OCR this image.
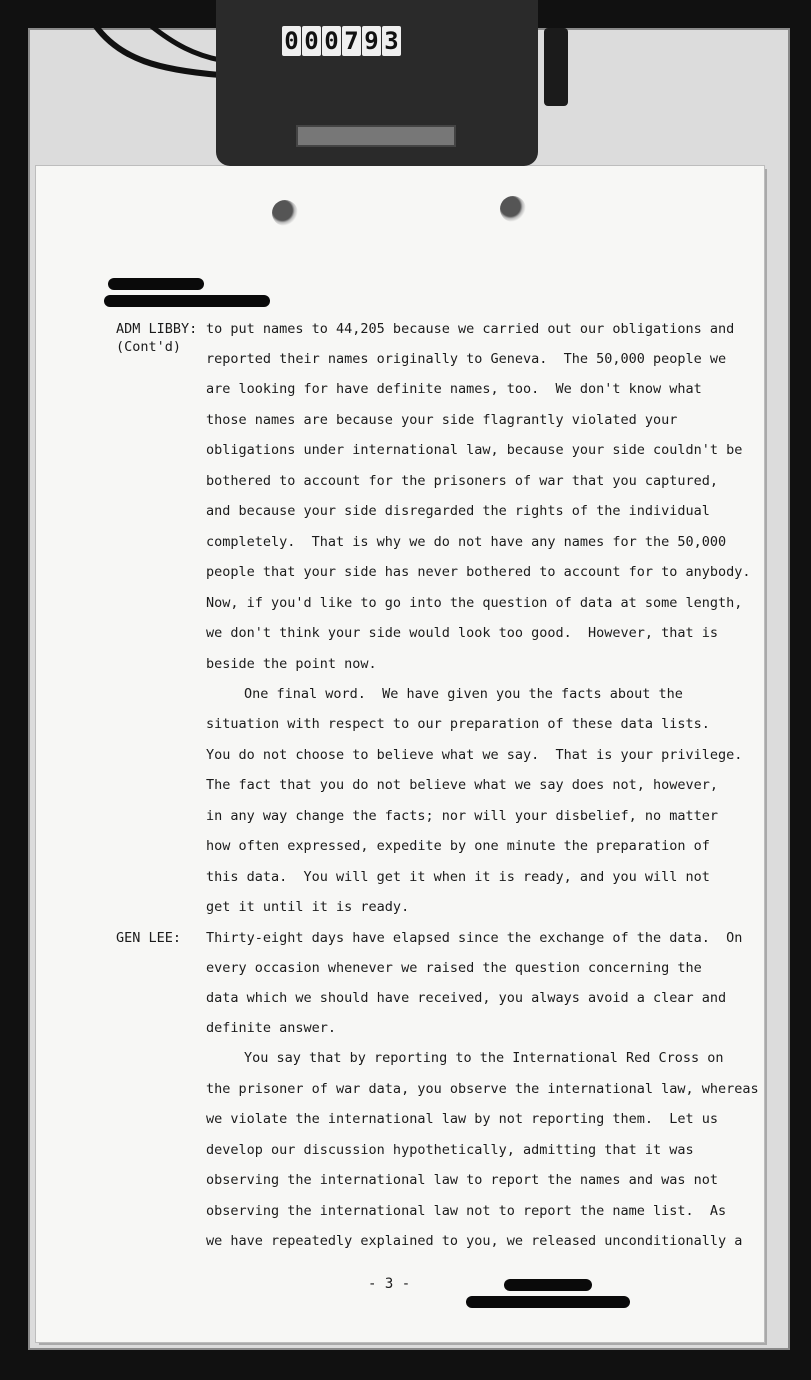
0 0 0 7 9 3
ADM LIBBY:
(Cont'd)
GEN LEE:

to put names to 44,205 because we carried out our obligations and

reported their names originally to Geneva.  The 50,000 people we

are looking for have definite names, too.  We don't know what

those names are because your side flagrantly violated your

obligations under international law, because your side couldn't be

bothered to account for the prisoners of war that you captured,

and because your side disregarded the rights of the individual

completely.  That is why we do not have any names for the 50,000

people that your side has never bothered to account for to anybody.

Now, if you'd like to go into the question of data at some length,

we don't think your side would look too good.  However, that is

beside the point now.

One final word.  We have given you the facts about the

situation with respect to our preparation of these data lists.

You do not choose to believe what we say.  That is your privilege.

The fact that you do not believe what we say does not, however,

in any way change the facts; nor will your disbelief, no matter

how often expressed, expedite by one minute the preparation of

this data.  You will get it when it is ready, and you will not

get it until it is ready.

Thirty-eight days have elapsed since the exchange of the data.  On

every occasion whenever we raised the question concerning the

data which we should have received, you always avoid a clear and

definite answer.

You say that by reporting to the International Red Cross on

the prisoner of war data, you observe the international law, whereas

we violate the international law by not reporting them.  Let us

develop our discussion hypothetically, admitting that it was

observing the international law to report the names and was not

observing the international law not to report the name list.  As

we have repeatedly explained to you, we released unconditionally a

- 3 -
